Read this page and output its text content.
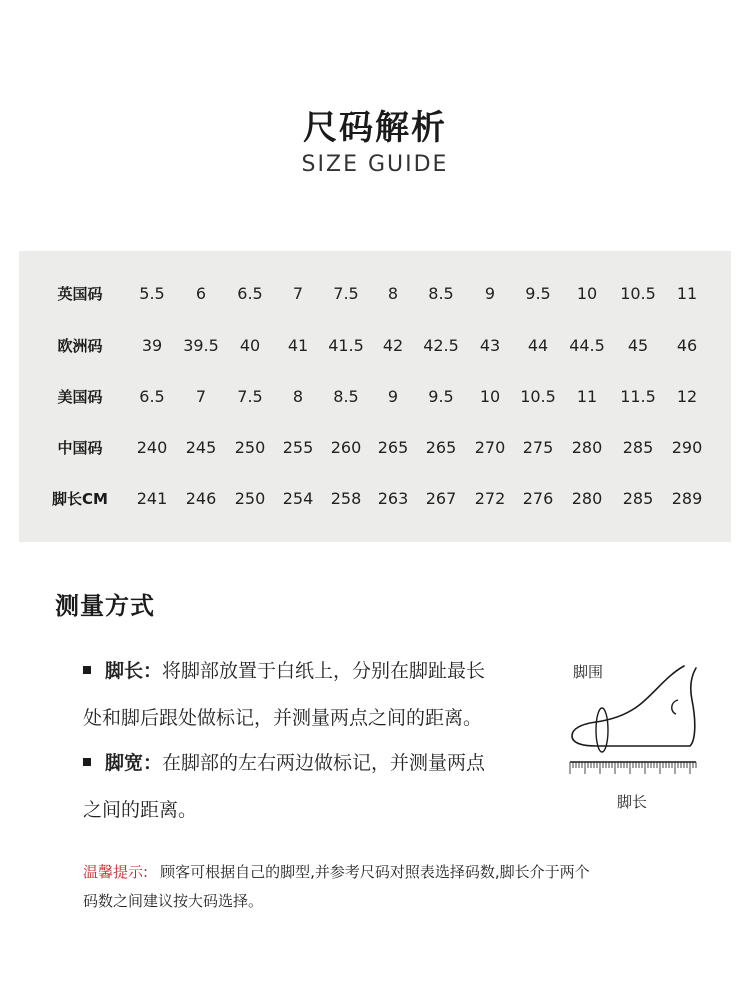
尺码解析
SIZE GUIDE
英国码	5.5	6	6.5	7	7.5	8	8.5	9	9.5	10	10.5	11
欧洲码	39	39.5	40	41	41.5	42	42.5	43	44	44.5	45	46
美国码	6.5	7	7.5	8	8.5	9	9.5	10	10.5	11	11.5	12
中国码	240	245	250	255	260	265	265	270	275	280	285	290
脚长CM	241	246	250	254	258	263	267	272	276	280	285	289
测量方式
脚长：将脚部放置于白纸上，分别在脚趾最长
处和脚后跟处做标记，并测量两点之间的距离。
脚宽：在脚部的左右两边做标记，并测量两点
之间的距离。
脚围
脚长
温馨提示: 顾客可根据自己的脚型,并参考尺码对照表选择码数,脚长介于两个
码数之间建议按大码选择。
